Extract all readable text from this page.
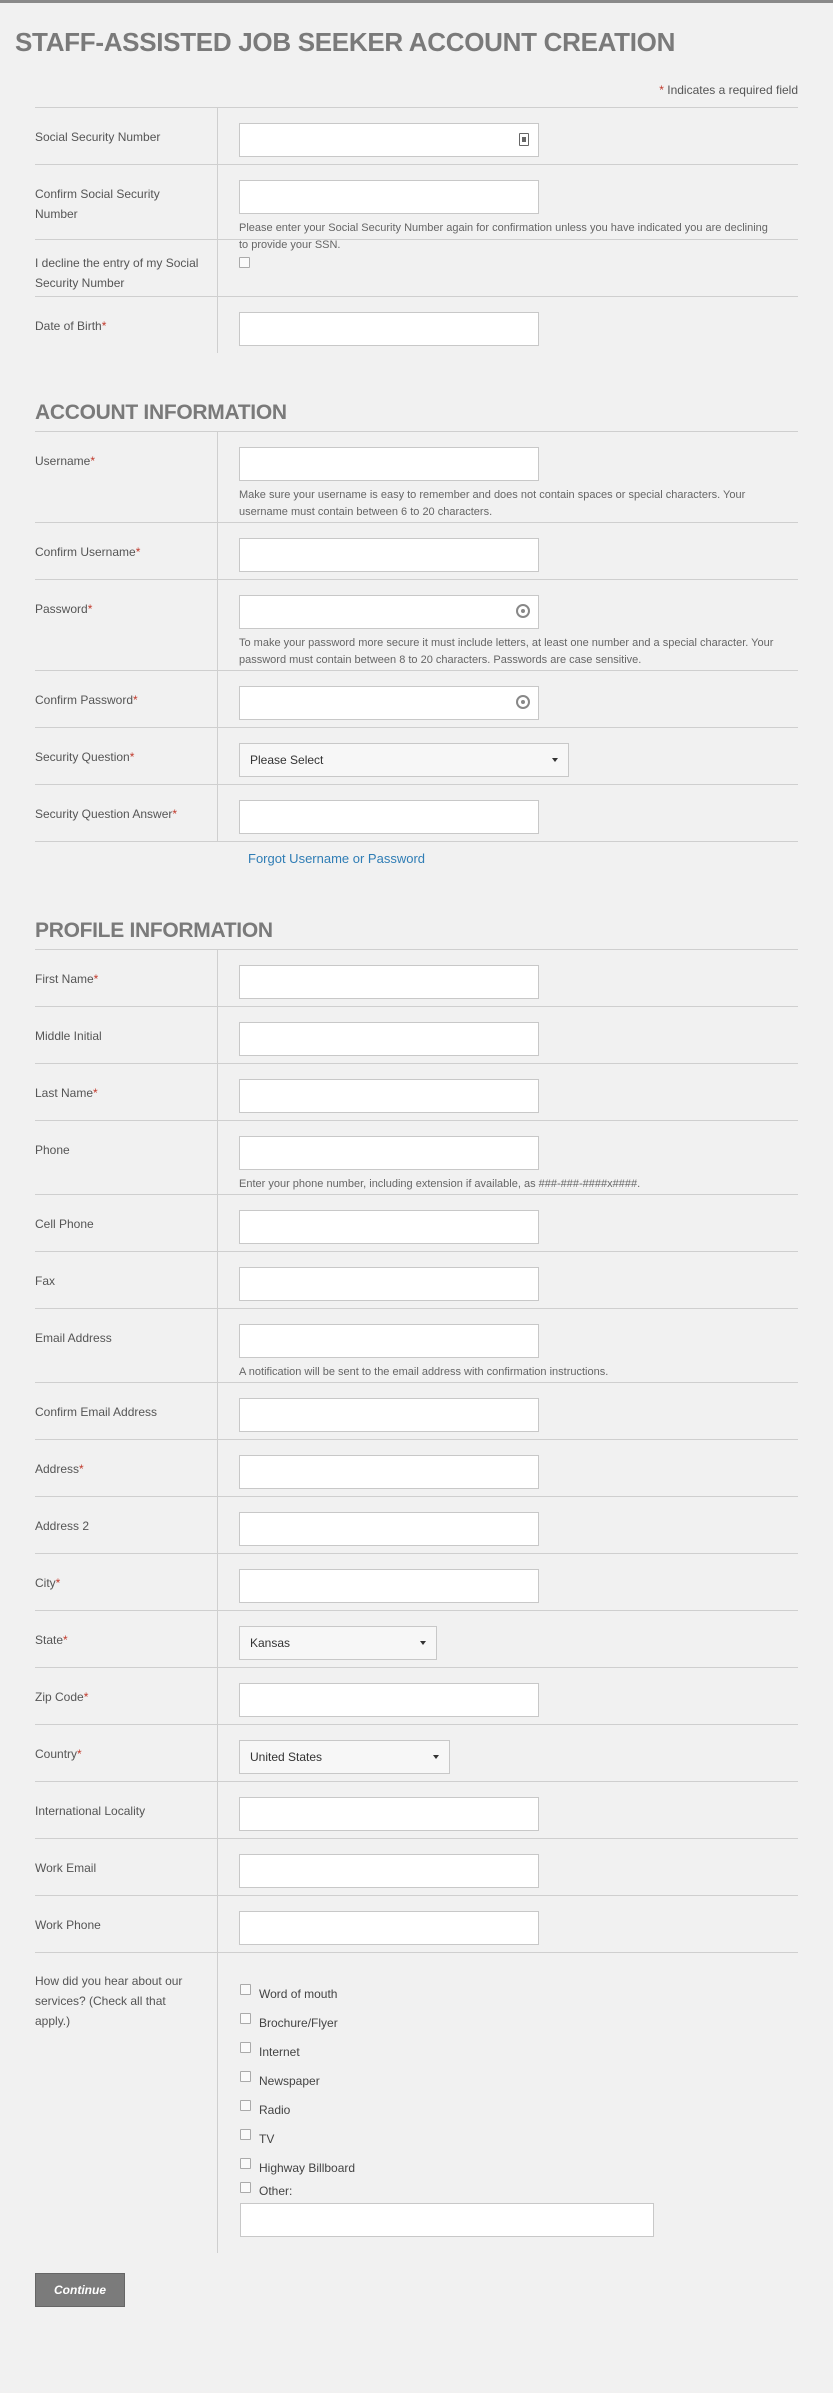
STAFF-ASSISTED JOB SEEKER ACCOUNT CREATION
* Indicates a required field
Social Security Number
Confirm Social Security Number
Please enter your Social Security Number again for confirmation unless you have indicated you are declining to provide your SSN.
I decline the entry of my Social Security Number
Date of Birth*
ACCOUNT INFORMATION
Username*
Make sure your username is easy to remember and does not contain spaces or special characters. Your username must contain between 6 to 20 characters.
Confirm Username*
Password*
To make your password more secure it must include letters, at least one number and a special character. Your password must contain between 8 to 20 characters. Passwords are case sensitive.
Confirm Password*
Security Question*	Please Select
Security Question Answer*
Forgot Username or Password
PROFILE INFORMATION
First Name*
Middle Initial
Last Name*
Phone
Enter your phone number, including extension if available, as ###-###-####x####.
Cell Phone
Fax
Email Address
A notification will be sent to the email address with confirmation instructions.
Confirm Email Address
Address*
Address 2
City*
State*	Kansas
Zip Code*
Country*	United States
International Locality
Work Email
Work Phone
How did you hear about our services? (Check all that apply.)
Word of mouth
Brochure/Flyer
Internet
Newspaper
Radio
TV
Highway Billboard
Other:
Continue
